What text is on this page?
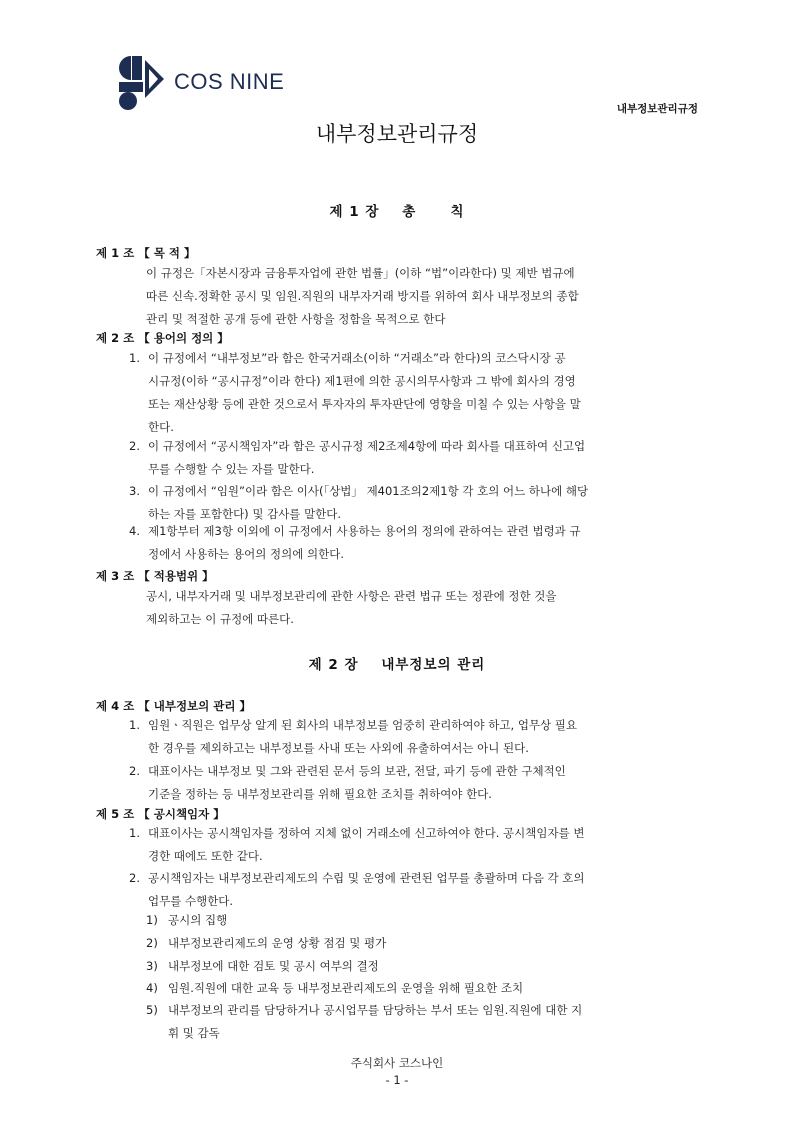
COS NINE
내부정보관리규정
내부정보관리규정
제 1 장 총	칙
제 1 조 【 목 적 】
이 규정은「자본시장과 금융투자업에 관한 법률」(이하 “법”이라한다) 및 제반 법규에
따른 신속.정확한 공시 및 임원.직원의 내부자거래 방지를 위하여 회사 내부정보의 종합
관리 및 적절한 공개 등에 관한 사항을 정함을 목적으로 한다
제 2 조 【 용어의 정의 】
1. 이 규정에서 “내부정보”라 함은 한국거래소(이하 “거래소”라 한다)의 코스닥시장 공
시규정(이하 “공시규정”이라 한다) 제1편에 의한 공시의무사항과 그 밖에 회사의 경영
또는 재산상황 등에 관한 것으로서 투자자의 투자판단에 영향을 미칠 수 있는 사항을 말
한다.
2. 이 규정에서 “공시책임자”라 함은 공시규정 제2조제4항에 따라 회사를 대표하여 신고업
무를 수행할 수 있는 자를 말한다.
3. 이 규정에서 “임원”이라 함은 이사(「상법」 제401조의2제1항 각 호의 어느 하나에 해당
하는 자를 포함한다) 및 감사를 말한다.
4. 제1항부터 제3항 이외에 이 규정에서 사용하는 용어의 정의에 관하여는 관련 법령과 규
정에서 사용하는 용어의 정의에 의한다.
제 3 조 【 적용범위 】
공시, 내부자거래 및 내부정보관리에 관한 사항은 관련 법규 또는 정관에 정한 것을
제외하고는 이 규정에 따른다.
제 2 장 내부정보의 관리
제 4 조 【 내부정보의 관리 】
1. 임원ㆍ직원은 업무상 알게 된 회사의 내부정보를 엄중히 관리하여야 하고, 업무상 필요
한 경우를 제외하고는 내부정보를 사내 또는 사외에 유출하여서는 아니 된다.
2. 대표이사는 내부정보 및 그와 관련된 문서 등의 보관, 전달, 파기 등에 관한 구체적인
기준을 정하는 등 내부정보관리를 위해 필요한 조치를 취하여야 한다.
제 5 조 【 공시책임자 】
1. 대표이사는 공시책임자를 정하여 지체 없이 거래소에 신고하여야 한다. 공시책임자를 변
경한 때에도 또한 같다.
2. 공시책임자는 내부정보관리제도의 수립 및 운영에 관련된 업무를 총괄하며 다음 각 호의
업무를 수행한다.
1) 공시의 집행
2) 내부정보관리제도의 운영 상황 점검 및 평가
3) 내부정보에 대한 검토 및 공시 여부의 결정
4) 임원.직원에 대한 교육 등 내부정보관리제도의 운영을 위해 필요한 조치
5) 내부정보의 관리를 담당하거나 공시업무를 담당하는 부서 또는 임원.직원에 대한 지
휘 및 감독
주식회사 코스나인
- 1 -
